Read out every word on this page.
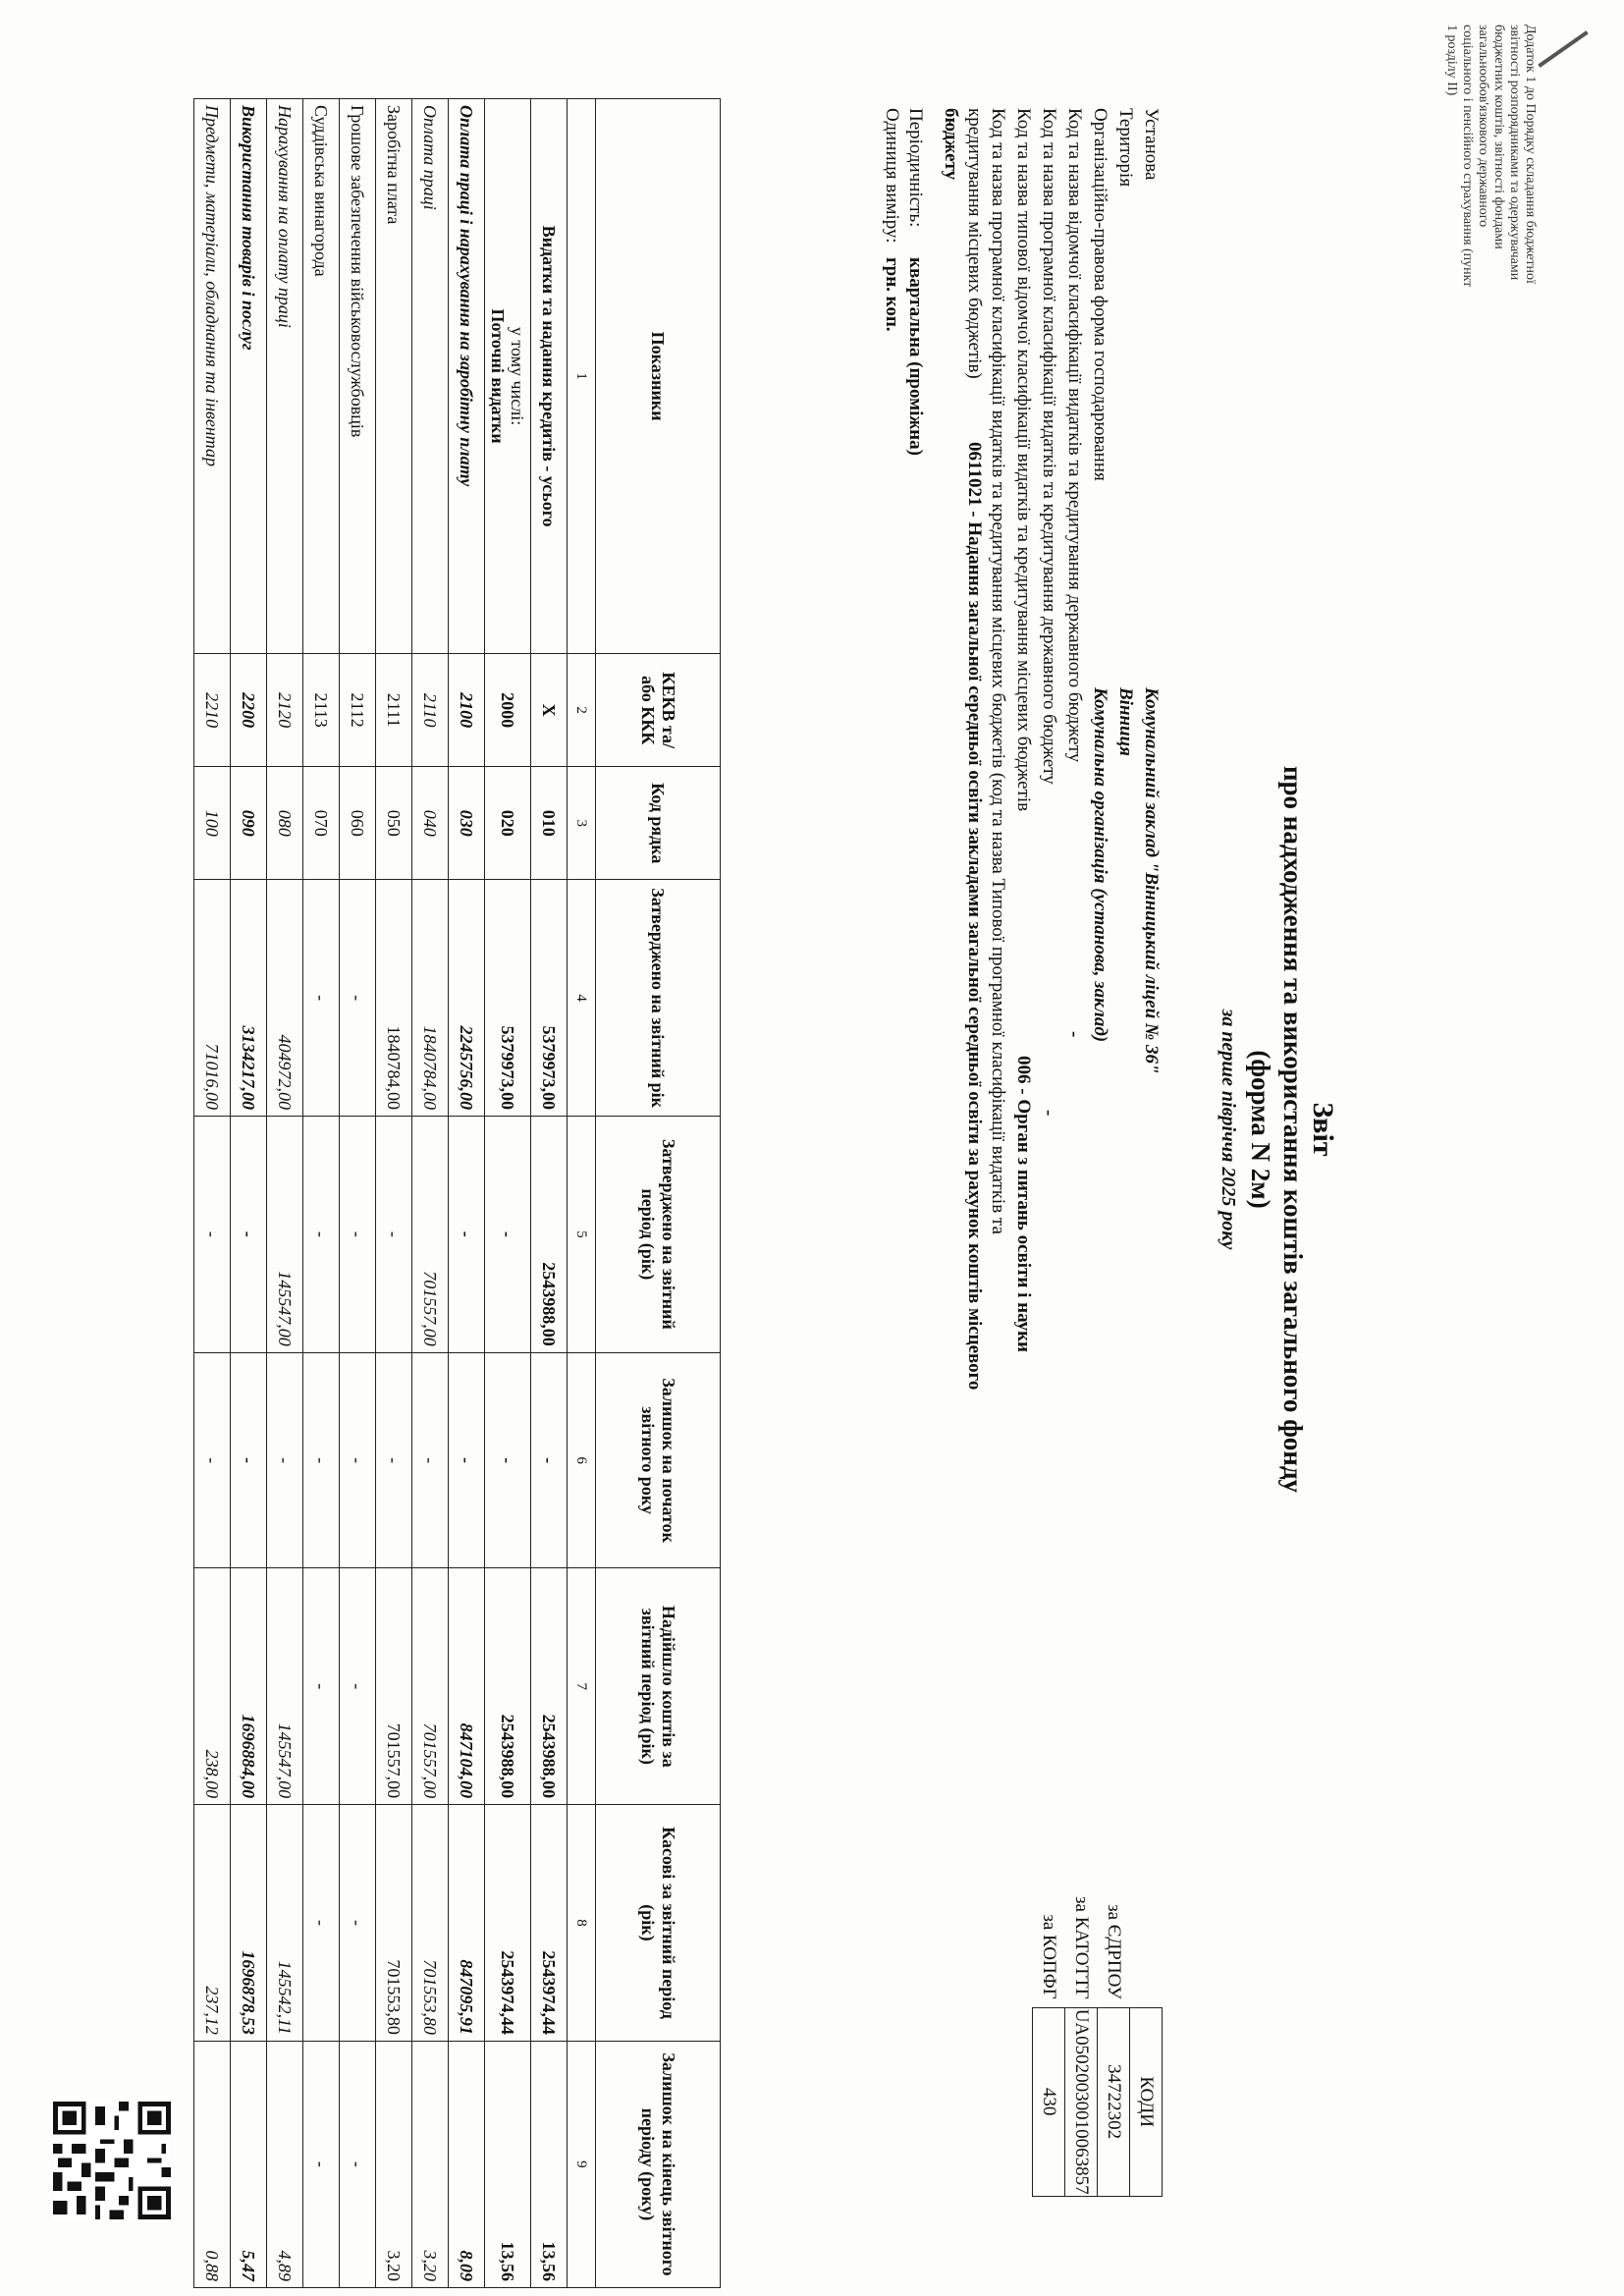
Додаток 1 до Порядку складання бюджетної звітності розпорядниками та одержувачами бюджетних коштів, звітності фондами загальнообов'язкового державного соціального і пенсійного страхування (пункт 1 розділу ІІ)
Звіт
про надходження та використання коштів загального фонду
(форма N 2м)
за перше півріччя 2025 року
Установа
Комунальний заклад "Вінницький ліцей № 36"
Територія
Вінниця
Організаційно-правова форма господарювання
Комунальна організація (установа, заклад)
Код та назва відомчої класифікації видатків та кредитування державного бюджету
-
Код та назва програмної класифікації видатків та кредитування державного бюджету
-
Код та назва типової відомчої класифікації видатків та кредитування місцевих бюджетів
006 - Орган з питань освіти і науки
Код та назва програмної класифікації видатків та кредитування місцевих бюджетів (код та назва Типової програмної класифікації видатків та
кредитування місцевих бюджетів)
0611021 - Надання загальної середньої освіти закладами загальної середньої освіти за рахунок коштів місцевого
бюджету
Періодичність:
квартальна (проміжна)
Одиниця виміру:
грн. коп.
	КОДИ
за ЄДРПОУ	34722302
за КАТОТТГ	UA05020030010063857
за КОПФГ	430
Показники	КЕКВ та/або ККК	Код рядка	Затверджено на звітний рік	Затверджено на звітний період (рік)	Залишок на початок звітного року	Надійшло коштів за звітний період (рік)	Касові за звітний період (рік)	Залишок на кінець звітного періоду (року)
1	2	3	4	5	6	7	8	9
Видатки та надання кредитів - усього	X	010	5379973,00	2543988,00	-	2543988,00	2543974,44	13,56
у тому числі:
Поточні видатки	2000	020	5379973,00	-	-	2543988,00	2543974,44	13,56
Оплата праці і нарахування на заробітну плату	2100	030	2245756,00	-	-	847104,00	847095,91	8,09
Оплата праці	2110	040	1840784,00	701557,00	-	701557,00	701553,80	3,20
Заробітна плата	2111	050	1840784,00	-	-	701557,00	701553,80	3,20
Грошове забезпечення військовослужбовців	2112	060	-	-	-	-	-	-
Суддівська винагорода	2113	070	-	-	-	-	-	-
Нарахування на оплату праці	2120	080	404972,00	145547,00	-	145547,00	145542,11	4,89
Використання товарів і послуг	2200	090	3134217,00	-	-	1696884,00	1696878,53	5,47
Предмети, матеріали, обладнання та інвентар	2210	100	71016,00	-	-	238,00	237,12	0,88
